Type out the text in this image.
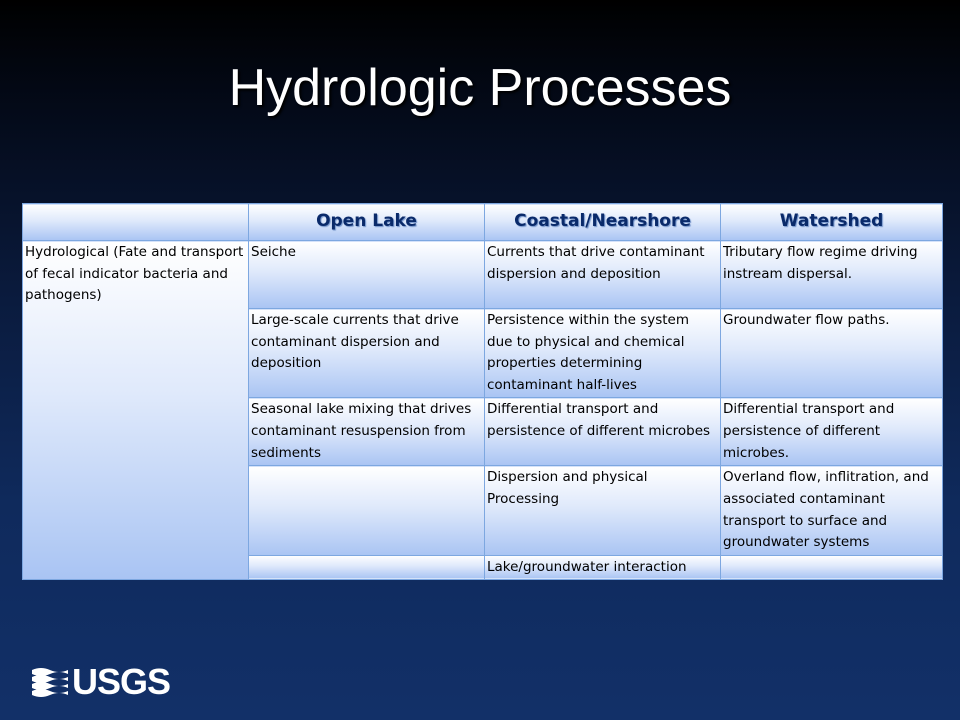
Hydrologic Processes
	Open Lake	Coastal/Nearshore	Watershed
Hydrological (Fate and transport of fecal indicator bacteria and pathogens)	Seiche	Currents that drive contaminant dispersion and deposition	Tributary flow regime driving instream dispersal.
	Large-scale currents that drive contaminant dispersion and deposition	Persistence within the system due to physical and chemical properties determining contaminant half-lives	Groundwater flow paths.
	Seasonal lake mixing that drives contaminant resuspension from sediments	Differential transport and persistence of different microbes	Differential transport and persistence of different microbes.
		Dispersion and physical Processing	Overland flow, inflitration, and associated contaminant transport to surface and groundwater systems
		Lake/groundwater interaction	
USGS
